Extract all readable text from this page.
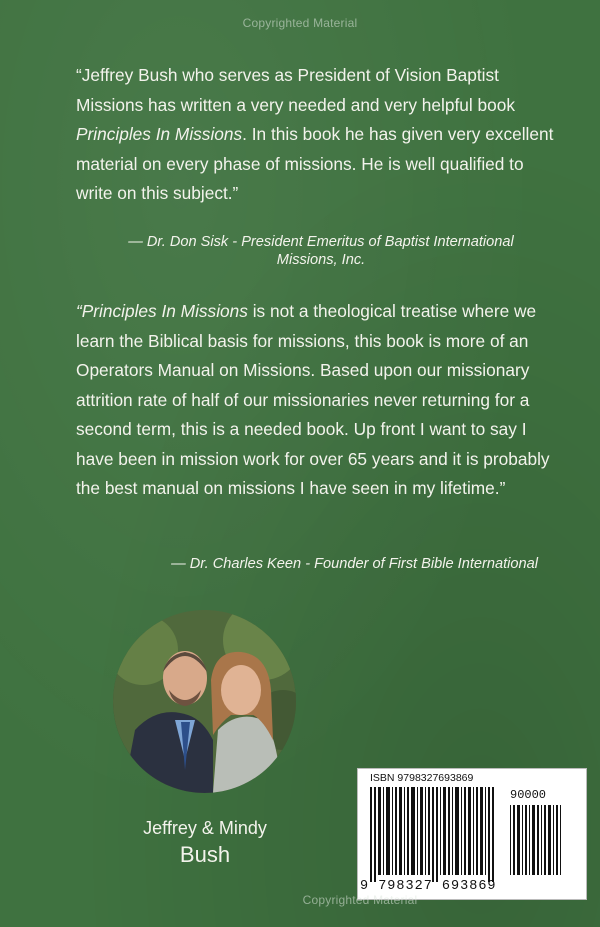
Copyrighted Material
“Jeffrey Bush who serves as President of Vision Baptist Missions has written a very needed and very helpful book Principles In Missions. In this book he has given very excellent material on every phase of missions. He is well qualified to write on this subject.”
— Dr. Don Sisk - President Emeritus of Baptist International Missions, Inc.
“Principles In Missions is not a theological treatise where we learn the Biblical basis for missions, this book is more of an Operators Manual on Missions. Based upon our missionary attrition rate of half of our missionaries never returning for a second term, this is a needed book. Up front I want to say I have been in mission work for over 65 years and it is probably the best manual on missions I have seen in my lifetime.”
— Dr. Charles Keen - Founder of First Bible International
Jeffrey & Mindy
Bush
ISBN 9798327693869
90000
9 798327 693869
Copyrighted Material
